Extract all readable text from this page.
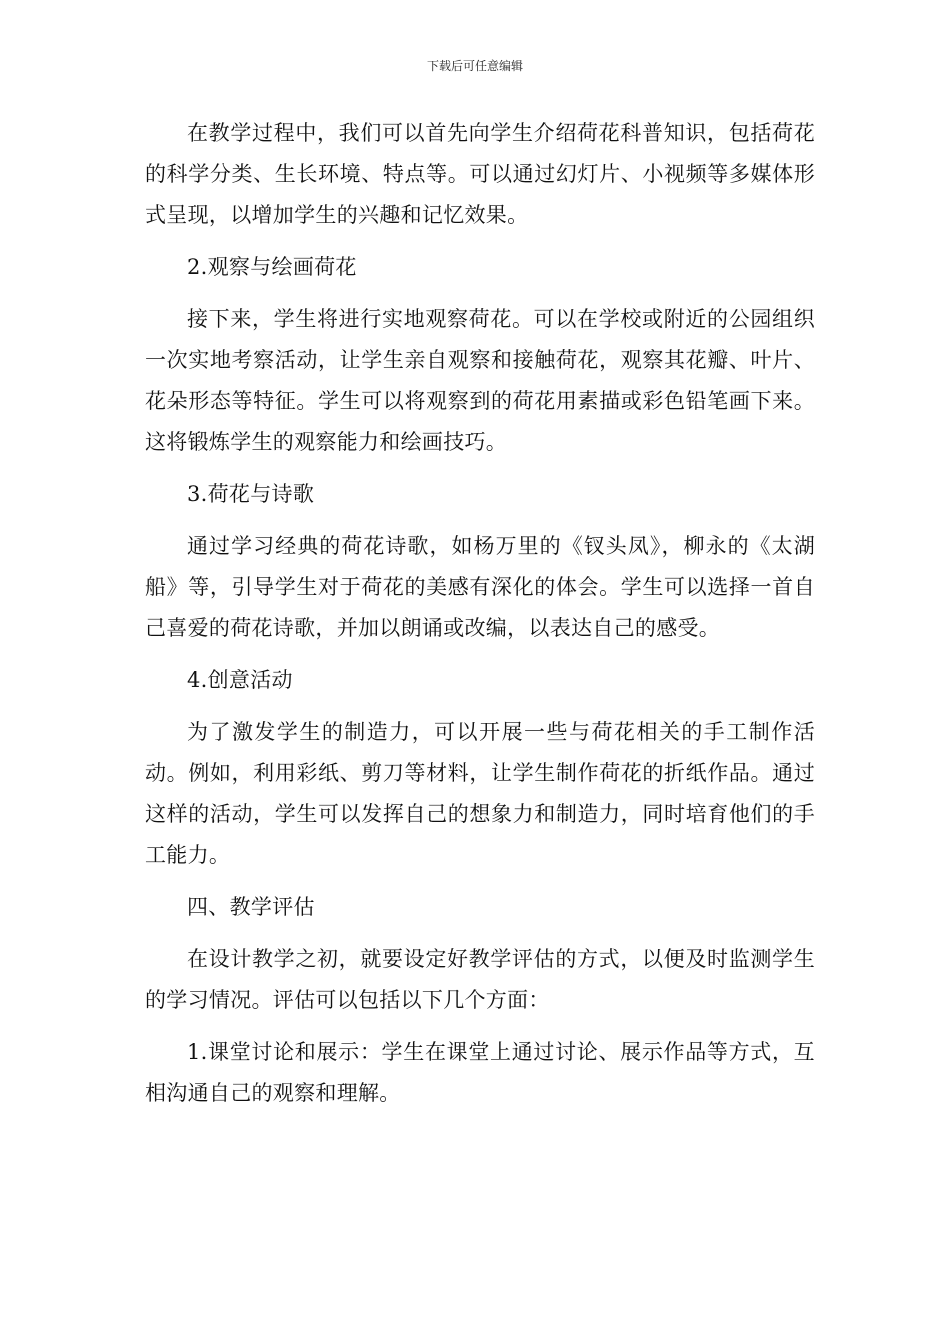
下载后可任意编辑

在教学过程中，我们可以首先向学生介绍荷花科普知识，包括荷花的科学分类、生长环境、特点等。可以通过幻灯片、小视频等多媒体形式呈现，以增加学生的兴趣和记忆效果。

2.观察与绘画荷花

接下来，学生将进行实地观察荷花。可以在学校或附近的公园组织一次实地考察活动，让学生亲自观察和接触荷花，观察其花瓣、叶片、花朵形态等特征。学生可以将观察到的荷花用素描或彩色铅笔画下来。这将锻炼学生的观察能力和绘画技巧。

3.荷花与诗歌

通过学习经典的荷花诗歌，如杨万里的《钗头凤》，柳永的《太湖船》等，引导学生对于荷花的美感有深化的体会。学生可以选择一首自己喜爱的荷花诗歌，并加以朗诵或改编，以表达自己的感受。

4.创意活动

为了激发学生的制造力，可以开展一些与荷花相关的手工制作活动。例如，利用彩纸、剪刀等材料，让学生制作荷花的折纸作品。通过这样的活动，学生可以发挥自己的想象力和制造力，同时培育他们的手工能力。

四、教学评估

在设计教学之初，就要设定好教学评估的方式，以便及时监测学生的学习情况。评估可以包括以下几个方面：

1.课堂讨论和展示：学生在课堂上通过讨论、展示作品等方式，互相沟通自己的观察和理解。
